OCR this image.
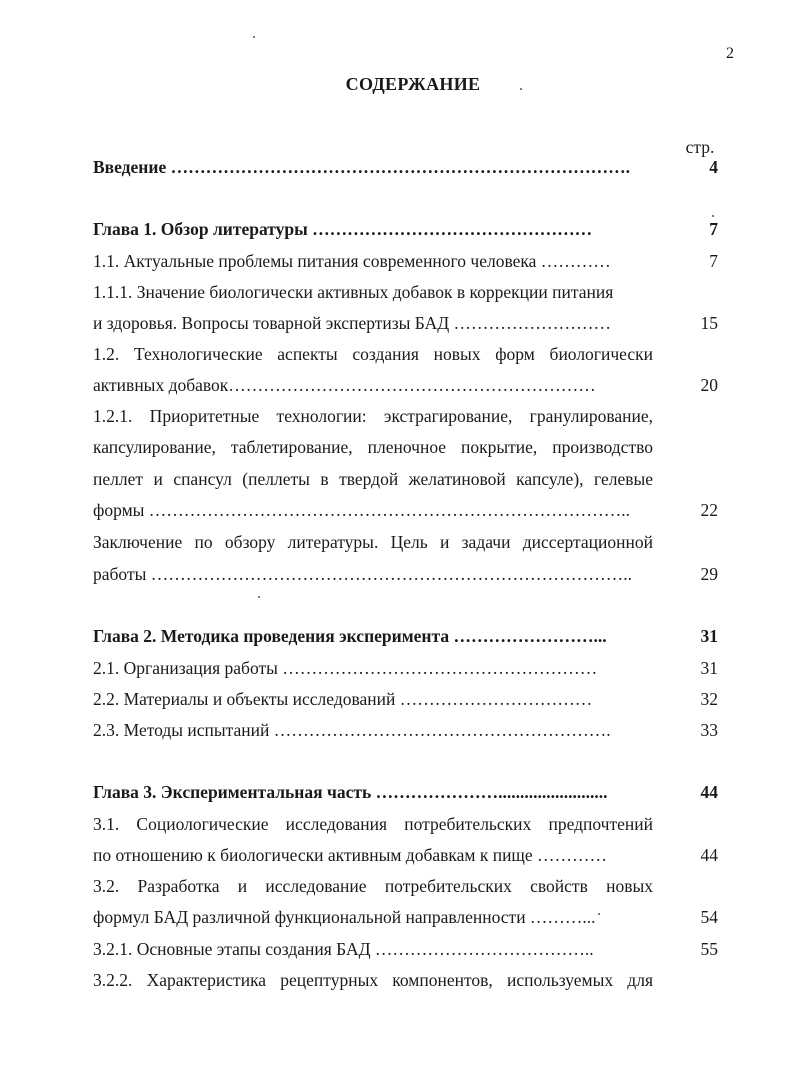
2
СОДЕРЖАНИЕ
стр.
Введение …………………………………………………………………….	4
Глава 1. Обзор литературы …………………………………………	7
1.1. Актуальные проблемы питания современного человека …………	7
1.1.1. Значение биологически активных добавок в коррекции питания
и здоровья. Вопросы товарной экспертизы БАД ………………………	15
1.2. Технологические аспекты создания новых форм биологически
активных добавок………………………………………………………	20
1.2.1. Приоритетные технологии: экстрагирование, гранулирование,
капсулирование, таблетирование, пленочное покрытие, производство
пеллет и спансул (пеллеты в твердой желатиновой капсуле), гелевые
формы ………………………………………………………………………..	22
Заключение по обзору литературы. Цель и задачи диссертационной
работы ………………………………………………………………………..	29
Глава 2. Методика проведения эксперимента ……………………...	31
2.1. Организация работы ………………………………………………	31
2.2. Материалы и объекты исследований ……………………………	32
2.3. Методы испытаний ………………………………………………….	33
Глава 3. Экспериментальная часть ………………….........................	44
3.1. Социологические исследования потребительских предпочтений
по отношению к биологически активным добавкам к пище …………	44
3.2. Разработка и исследование потребительских свойств новых
формул БАД различной функциональной направленности ………...	54
3.2.1. Основные этапы создания БАД ………………………………..	55
3.2.2. Характеристика рецептурных компонентов, используемых для
